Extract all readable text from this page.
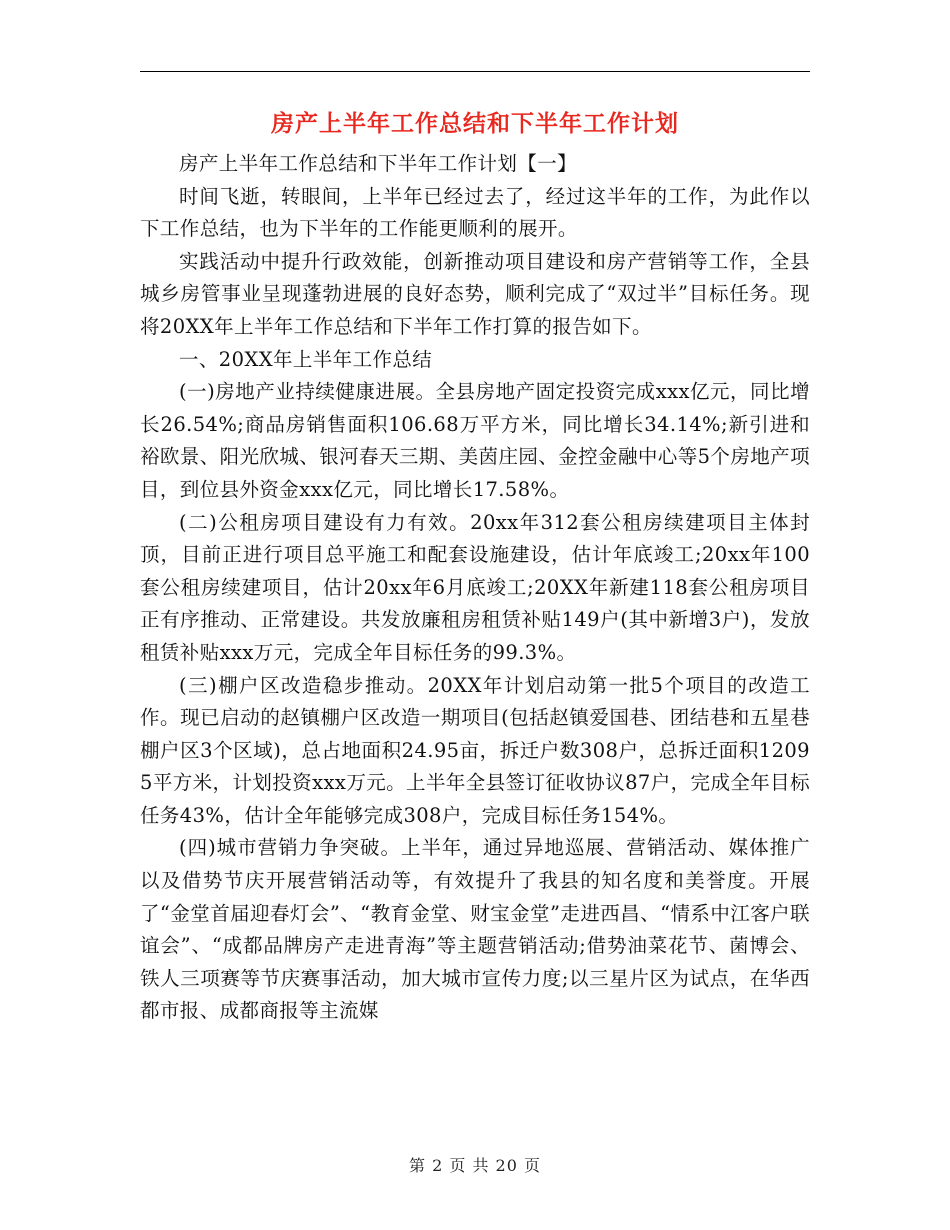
房产上半年工作总结和下半年工作计划

房产上半年工作总结和下半年工作计划【一】

时间飞逝，转眼间，上半年已经过去了，经过这半年的工作，为此作以下工作总结，也为下半年的工作能更顺利的展开。

实践活动中提升行政效能，创新推动项目建设和房产营销等工作，全县城乡房管事业呈现蓬勃进展的良好态势，顺利完成了“双过半”目标任务。现将20XX年上半年工作总结和下半年工作打算的报告如下。

一、20XX年上半年工作总结

(一)房地产业持续健康进展。全县房地产固定投资完成xxx亿元，同比增长26.54%;商品房销售面积106.68万平方米，同比增长34.14%;新引进和裕欧景、阳光欣城、银河春天三期、美茵庄园、金控金融中心等5个房地产项目，到位县外资金xxx亿元，同比增长17.58%。

(二)公租房项目建设有力有效。20xx年312套公租房续建项目主体封顶，目前正进行项目总平施工和配套设施建设，估计年底竣工;20xx年100套公租房续建项目，估计20xx年6月底竣工;20XX年新建118套公租房项目正有序推动、正常建设。共发放廉租房租赁补贴149户(其中新增3户)，发放租赁补贴xxx万元，完成全年目标任务的99.3%。

(三)棚户区改造稳步推动。20XX年计划启动第一批5个项目的改造工作。现已启动的赵镇棚户区改造一期项目(包括赵镇爱国巷、团结巷和五星巷棚户区3个区域)，总占地面积24.95亩，拆迁户数308户，总拆迁面积12095平方米，计划投资xxx万元。上半年全县签订征收协议87户，完成全年目标任务43%，估计全年能够完成308户，完成目标任务154%。

(四)城市营销力争突破。上半年，通过异地巡展、营销活动、媒体推广以及借势节庆开展营销活动等，有效提升了我县的知名度和美誉度。开展了“金堂首届迎春灯会”、“教育金堂、财宝金堂”走进西昌、“情系中江客户联谊会”、“成都品牌房产走进青海”等主题营销活动;借势油菜花节、菌博会、铁人三项赛等节庆赛事活动，加大城市宣传力度;以三星片区为试点，在华西都市报、成都商报等主流媒

第 2 页 共 20 页
